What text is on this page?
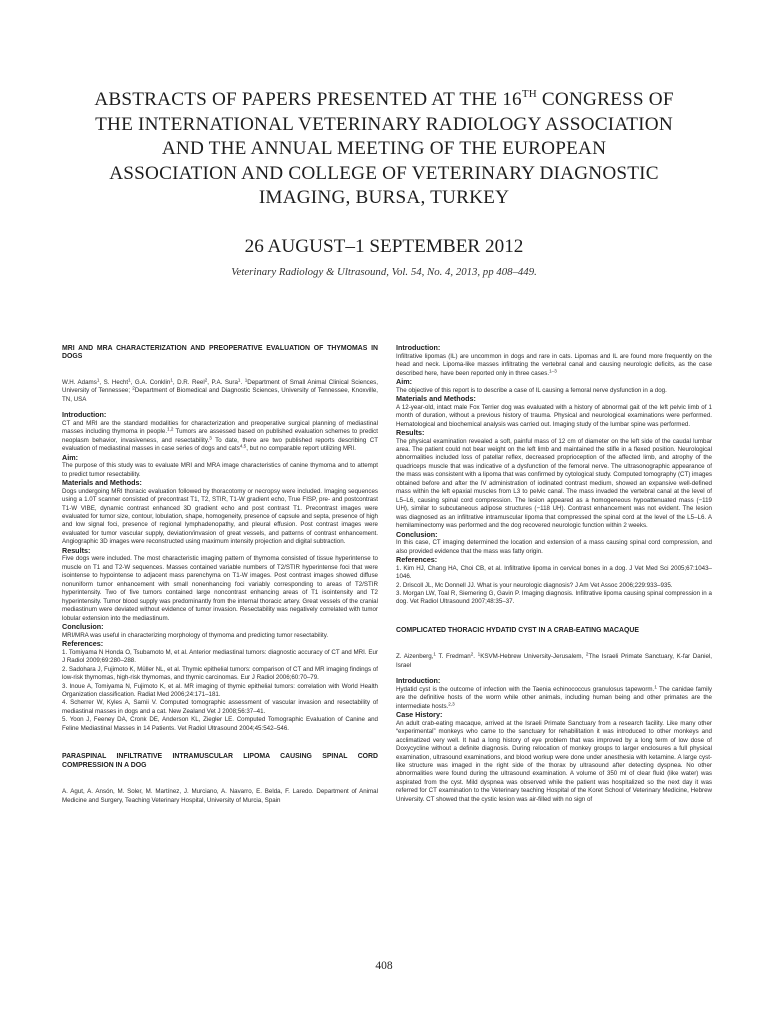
ABSTRACTS OF PAPERS PRESENTED AT THE 16TH CONGRESS OF
THE INTERNATIONAL VETERINARY RADIOLOGY ASSOCIATION
AND THE ANNUAL MEETING OF THE EUROPEAN
ASSOCIATION AND COLLEGE OF VETERINARY DIAGNOSTIC
IMAGING, BURSA, TURKEY
26 AUGUST–1 SEPTEMBER 2012
Veterinary Radiology & Ultrasound, Vol. 54, No. 4, 2013, pp 408–449.

MRI AND MRA CHARACTERIZATION AND PREOPERATIVE EVALUATION OF THYMOMAS IN DOGS

W.H. Adams$^1$, S. Hecht$^1$, G.A. Conklin$^1$, D.R. Reel$^2$, P.A. Sura$^1$. $^1$Department of Small Animal Clinical Sciences, University of Tennessee; $^2$Department of Biomedical and Diagnostic Sciences, University of Tennessee, Knoxville, TN, USA

Introduction:

CT and MRI are the standard modalities for characterization and preoperative surgical planning of mediastinal masses including thymoma in people.$^{1,2}$ Tumors are assessed based on published evaluation schemes to predict neoplasm behavior, invasiveness, and resectability.$^3$ To date, there are two published reports describing CT evaluation of mediastinal masses in case series of dogs and cats$^{4,5}$, but no comparable report utilizing MRI.

Aim:

The purpose of this study was to evaluate MRI and MRA image characteristics of canine thymoma and to attempt to predict tumor resectability.

Materials and Methods:

Dogs undergoing MRI thoracic evaluation followed by thoracotomy or necropsy were included. Imaging sequences using a 1.0T scanner consisted of precontrast T1, T2, STIR, T1-W gradient echo, True FISP, pre- and postcontrast T1-W VIBE, dynamic contrast enhanced 3D gradient echo and post contrast T1. Precontrast images were evaluated for tumor size, contour, lobulation, shape, homogeneity, presence of capsule and septa, presence of high and low signal foci, presence of regional lymphadenopathy, and pleural effusion. Post contrast images were evaluated for tumor vascular supply, deviation/invasion of great vessels, and patterns of contrast enhancement. Angiographic 3D images were reconstructed using maximum intensity projection and digital subtraction.

Results:

Five dogs were included. The most characteristic imaging pattern of thymoma consisted of tissue hyperintense to muscle on T1 and T2-W sequences. Masses contained variable numbers of T2/STIR hyperintense foci that were isointense to hypointense to adjacent mass parenchyma on T1-W images. Post contrast images showed diffuse nonuniform tumor enhancement with small nonenhancing foci variably corresponding to areas of T2/STIR hyperintensity. Two of five tumors contained large noncontrast enhancing areas of T1 isointensity and T2 hyperintensity. Tumor blood supply was predominantly from the internal thoracic artery. Great vessels of the cranial mediastinum were deviated without evidence of tumor invasion. Resectability was negatively correlated with tumor lobular extension into the mediastinum.

Conclusion:

MRI/MRA was useful in characterizing morphology of thymoma and predicting tumor resectability.

References:

1. Tomiyama N Honda O, Tsubamoto M, et al. Anterior mediastinal tumors: diagnostic accuracy of CT and MRI. Eur J Radiol 2009;69:280–288.

2. Sadohara J, Fujimoto K, Müller NL, et al. Thymic epithelial tumors: comparison of CT and MR imaging findings of low-risk thymomas, high-risk thymomas, and thymic carcinomas. Eur J Radiol 2006;60:70–79.

3. Inoue A, Tomiyama N, Fujimoto K, et al. MR imaging of thymic epithelial tumors: correlation with World Health Organization classification. Radiat Med 2006;24:171–181.

4. Scherrer W, Kyles A, Samii V. Computed tomographic assessment of vascular invasion and resectability of mediastinal masses in dogs and a cat. New Zealand Vet J 2008;56:37–41.

5. Yoon J, Feeney DA, Cronk DE, Anderson KL, Ziegler LE. Computed Tomographic Evaluation of Canine and Feline Mediastinal Masses in 14 Patients. Vet Radiol Ultrasound 2004;45:542–546.

PARASPINAL INFILTRATIVE INTRAMUSCULAR LIPOMA CAUSING SPINAL CORD COMPRESSION IN A DOG

A. Agut, A. Ansón, M. Soler, M. Martínez, J. Murciano, A. Navarro, E. Belda, F. Laredo. Department of Animal Medicine and Surgery, Teaching Veterinary Hospital, University of Murcia, Spain

Introduction:

Infiltrative lipomas (IL) are uncommon in dogs and rare in cats. Lipomas and IL are found more frequently on the head and neck. Lipoma-like masses infiltrating the vertebral canal and causing neurologic deficits, as the case described here, have been reported only in three cases.$^{1-3}$

Aim:

The objective of this report is to describe a case of IL causing a femoral nerve dysfunction in a dog.

Materials and Methods:

A 12-year-old, intact male Fox Terrier dog was evaluated with a history of abnormal gait of the left pelvic limb of 1 month of duration, without a previous history of trauma. Physical and neurological examinations were performed. Hematological and biochemical analysis was carried out. Imaging study of the lumbar spine was performed.

Results:

The physical examination revealed a soft, painful mass of 12 cm of diameter on the left side of the caudal lumbar area. The patient could not bear weight on the left limb and maintained the stifle in a flexed position. Neurological abnormalities included loss of patellar reflex, decreased proprioception of the affected limb, and atrophy of the quadriceps muscle that was indicative of a dysfunction of the femoral nerve. The ultrasonographic appearance of the mass was consistent with a lipoma that was confirmed by cytological study. Computed tomography (CT) images obtained before and after the IV administration of iodinated contrast medium, showed an expansive well-defined mass within the left epaxial muscles from L3 to pelvic canal. The mass invaded the vertebral canal at the level of L5–L6, causing spinal cord compression. The lesion appeared as a homogeneous hypoattenuated mass (−119 UH), similar to subcutaneous adipose structures (−118 UH). Contrast enhancement was not evident. The lesion was diagnosed as an infiltrative intramuscular lipoma that compressed the spinal cord at the level of the L5–L6. A hemilaminectomy was performed and the dog recovered neurologic function within 2 weeks.

Conclusion:

In this case, CT imaging determined the location and extension of a mass causing spinal cord compression, and also provided evidence that the mass was fatty origin.

References:

1. Kim HJ, Chang HA, Choi CB, et al. Infiltrative lipoma in cervical bones in a dog. J Vet Med Sci 2005;67:1043–1046.

2. Driscoll JL, Mc Donnell JJ. What is your neurologic diagnosis? J Am Vet Assoc 2006;229:933–935.

3. Morgan LW, Toal R, Siemering G, Gavin P. Imaging diagnosis. Infiltrative lipoma causing spinal compression in a dog. Vet Radiol Ultrasound 2007;48:35–37.

COMPLICATED THORACIC HYDATID CYST IN A CRAB-EATING MACAQUE

Z. Aizenberg,$^1$ T. Fredman$^2$. $^1$KSVM-Hebrew University-Jerusalem, $^2$The Israeli Primate Sanctuary, K-far Daniel, Israel

Introduction:

Hydatid cyst is the outcome of infection with the Taenia echinococcus granulosus tapeworm.$^1$ The canidae family are the definitive hosts of the worm while other animals, including human being and other primates are the intermediate hosts.$^{2,3}$

Case History:

An adult crab-eating macaque, arrived at the Israeli Primate Sanctuary from a research facility. Like many other “experimental” monkeys who came to the sanctuary for rehabilitation it was introduced to other monkeys and acclimatized very well. It had a long history of eye problem that was improved by a long term of low dose of Doxycycline without a definite diagnosis. During relocation of monkey groups to larger enclosures a full physical examination, ultrasound examinations, and blood workup were done under anesthesia with ketamine. A large cyst-like structure was imaged in the right side of the thorax by ultrasound after detecting dyspnea. No other abnormalities were found during the ultrasound examination. A volume of 350 ml of clear fluid (like water) was aspirated from the cyst. Mild dyspnea was observed while the patient was hospitalized so the next day it was referred for CT examination to the Veterinary teaching Hospital of the Koret School of Veterinary Medicine, Hebrew University. CT showed that the cystic lesion was air-filled with no sign of

408
